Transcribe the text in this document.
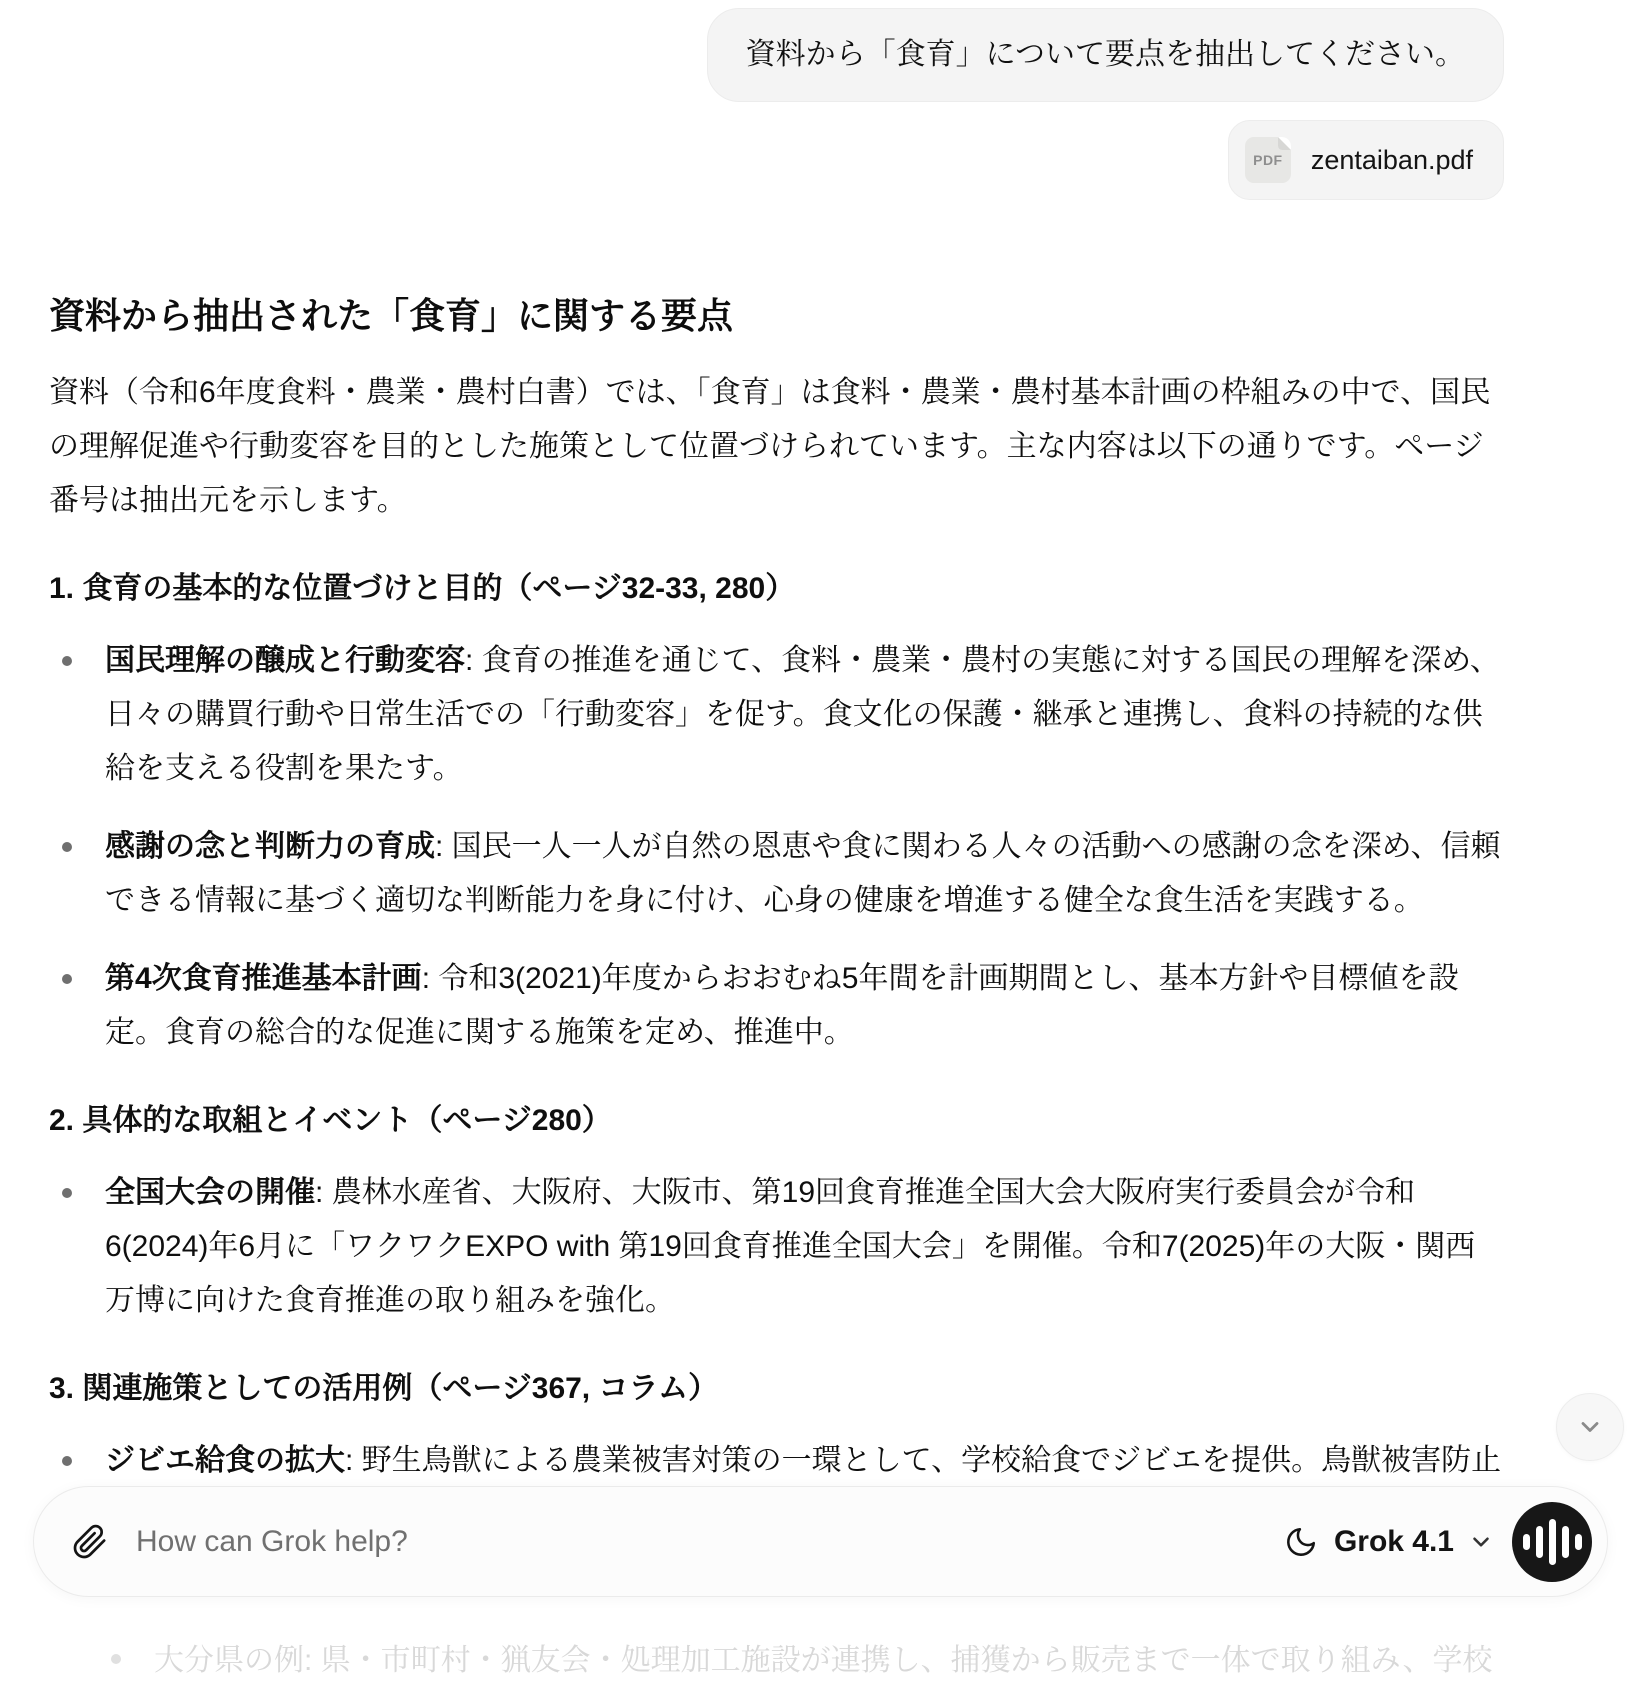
資料から「食育」について要点を抽出してください。
PDF zentaiban.pdf
資料から抽出された「食育」に関する要点

資料（令和6年度食料・農業・農村白書）では、「食育」は食料・農業・農村基本計画の枠組みの中で、国民の理解促進や行動変容を目的とした施策として位置づけられています。主な内容は以下の通りです。ページ番号は抽出元を示します。

1. 食育の基本的な位置づけと目的（ページ32-33, 280）

国民理解の醸成と行動変容: 食育の推進を通じて、食料・農業・農村の実態に対する国民の理解を深め、日々の購買行動や日常生活での「行動変容」を促す。食文化の保護・継承と連携し、食料の持続的な供給を支える役割を果たす。

感謝の念と判断力の育成: 国民一人一人が自然の恩恵や食に関わる人々の活動への感謝の念を深め、信頼できる情報に基づく適切な判断能力を身に付け、心身の健康を増進する健全な食生活を実践する。

第4次食育推進基本計画: 令和3(2021)年度からおおむね5年間を計画期間とし、基本方針や目標値を設定。食育の総合的な促進に関する施策を定め、推進中。

2. 具体的な取組とイベント（ページ280）

全国大会の開催: 農林水産省、大阪府、大阪市、第19回食育推進全国大会大阪府実行委員会が令和6(2024)年6月に「ワクワクEXPO with 第19回食育推進全国大会」を開催。令和7(2025)年の大阪・関西万博に向けた食育推進の取り組みを強化。

3. 関連施策としての活用例（ページ367, コラム）

ジビエ給食の拡大: 野生鳥獣による農業被害対策の一環として、学校給食でジビエを提供。鳥獣被害防止

大分県の例: 県・市町村・猟友会・処理加工施設が連携し、捕獲から販売まで一体で取り組み、学校
How can Grok help?
Grok 4.1
